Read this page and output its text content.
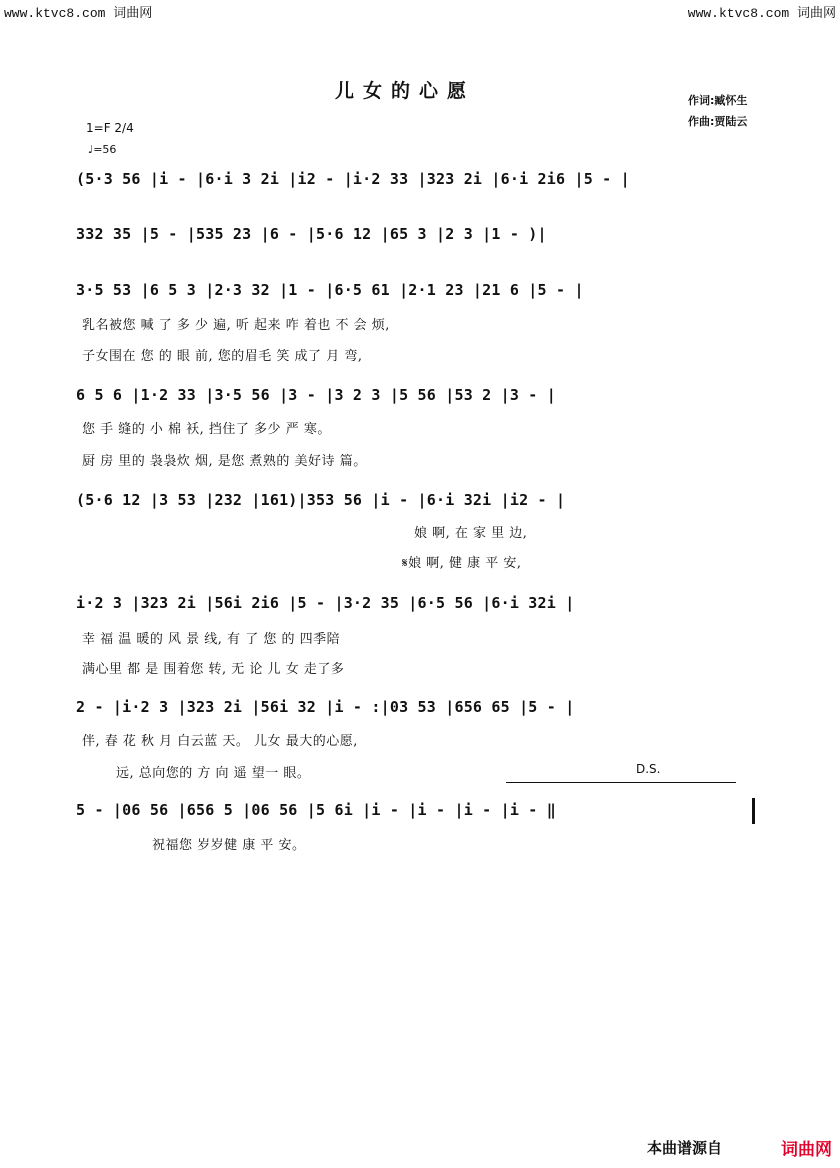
www.ktvc8.com 词曲网	www.ktvc8.com 词曲网
儿女的心愿	作词:臧怀生
作曲:贾陆云
1=F 2/4
♩=56
(5·3 56 |i - |6·i 3 2i |i2 - |i·2 33 |323 2i |6·i 2i6 |5 - |
332 35 |5 - |535 23 |6 - |5·6 12 |65 3 |2 3 |1 - )|
3·5 53 |6 5 3 |2·3 32 |1 - |6·5 61 |2·1 23 |21 6 |5 - |
乳名被您 喊 了 多 少 遍, 听 起来 咋 着也 不 会 烦,
子女围在 您 的 眼 前, 您的眉毛 笑 成了 月 弯,
6 5 6 |1·2 33 |3·5 56 |3 - |3 2 3 |5 56 |53 2 |3 - |
您 手 缝的 小 棉 袄, 挡住了 多少 严 寒。
厨 房 里的 袅袅炊 烟, 是您 煮熟的 美好诗 篇。
(5·6 12 |3 53 |232 |161)|353 56 |i - |6·i 32i |i2 - |
娘 啊, 在 家 里 边,
𝄋娘 啊, 健 康 平 安,
i·2 3 |323 2i |56i 2i6 |5 - |3·2 35 |6·5 56 |6·i 32i |
幸 福 温 暖的 风 景 线, 有 了 您 的 四季陪
满心里 都 是 围着您 转, 无 论 儿 女 走了多
2 - |i·2 3 |323 2i |56i 32 |i - :|03 53 |656 65 |5 - |
伴, 春 花 秋 月 白云蓝 天。 儿女 最大的心愿,
远, 总向您的 方 向 遥 望一 眼。	D.S.
5 - |06 56 |656 5 |06 56 |5 6i |i - |i - |i - |i - ‖
祝福您 岁岁健 康 平 安。
本曲谱源自	词曲网
